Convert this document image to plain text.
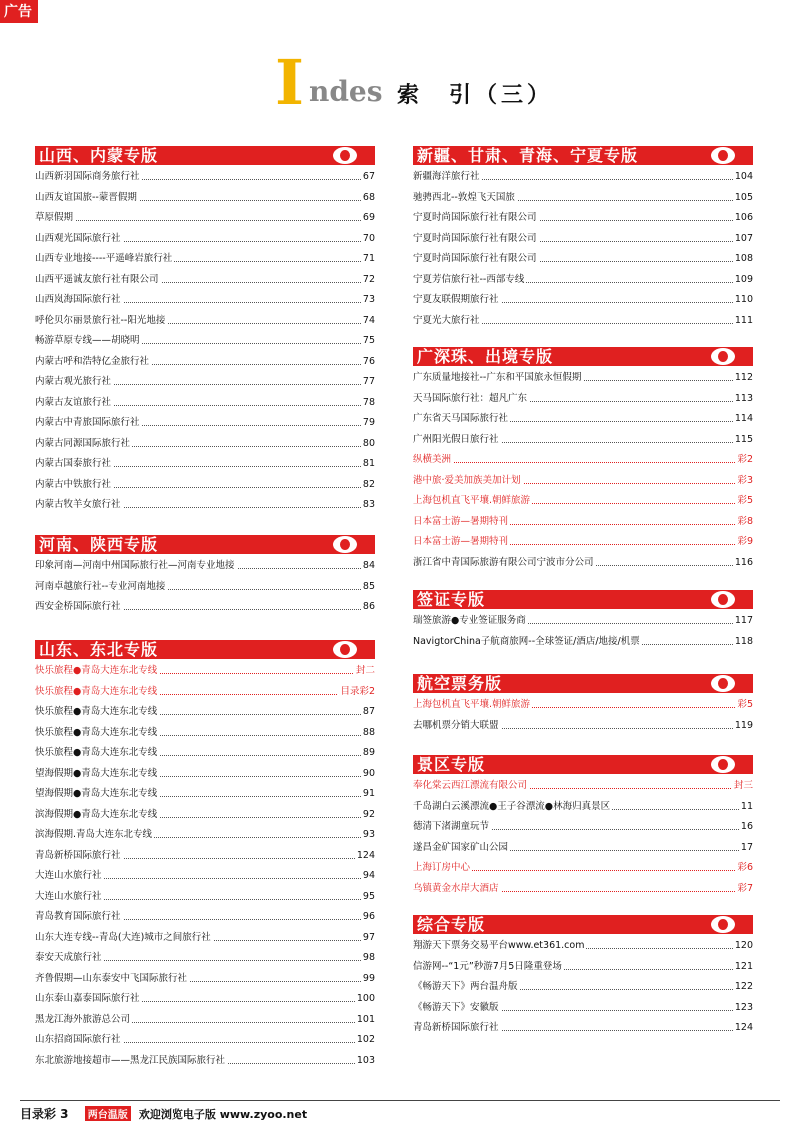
广告
I ndes 索　引（三）
山西、内蒙专版
山西新羽国际商务旅行社	67
山西友谊国旅--蒙晋假期	68
草原假期	69
山西观光国际旅行社	70
山西专业地接----平遥峰岩旅行社	71
山西平遥诚友旅行社有限公司	72
山西岚海国际旅行社	73
呼伦贝尔丽景旅行社--阳光地接	74
畅游草原专线——胡晓明	75
内蒙古呼和浩特亿金旅行社	76
内蒙古观光旅行社	77
内蒙古友谊旅行社	78
内蒙古中青旅国际旅行社	79
内蒙古同源国际旅行社	80
内蒙古国泰旅行社	81
内蒙古中铁旅行社	82
内蒙古牧羊女旅行社	83
河南、陕西专版
印象河南—河南中州国际旅行社—河南专业地接	84
河南卓越旅行社--专业河南地接	85
西安金桥国际旅行社	86
山东、东北专版
快乐旅程●青岛大连东北专线	封二
快乐旅程●青岛大连东北专线	目录彩2
快乐旅程●青岛大连东北专线	87
快乐旅程●青岛大连东北专线	88
快乐旅程●青岛大连东北专线	89
望海假期●青岛大连东北专线	90
望海假期●青岛大连东北专线	91
滨海假期●青岛大连东北专线	92
滨海假期.青岛大连东北专线	93
青岛新桥国际旅行社	124
大连山水旅行社	94
大连山水旅行社	95
青岛教育国际旅行社	96
山东大连专线--青岛(大连)城市之间旅行社	97
泰安天成旅行社	98
齐鲁假期—山东泰安中飞国际旅行社	99
山东泰山嘉泰国际旅行社	100
黑龙江海外旅游总公司	101
山东招商国际旅行社	102
东北旅游地接超市——黑龙江民族国际旅行社	103
新疆、甘肃、青海、宁夏专版
新疆海洋旅行社	104
驰骋西北--敦煌飞天国旅	105
宁夏时尚国际旅行社有限公司	106
宁夏时尚国际旅行社有限公司	107
宁夏时尚国际旅行社有限公司	108
宁夏芳信旅行社--西部专线	109
宁夏友联假期旅行社	110
宁夏光大旅行社	111
广深珠、出境专版
广东质量地接社--广东和平国旅永恒假期	112
天马国际旅行社：超凡广东	113
广东省天马国际旅行社	114
广州阳光假日旅行社	115
纵横美洲	彩2
港中旅·爱美加族美加计划	彩3
上海包机直飞平壤.朝鲜旅游	彩5
日本富士游—暑期特刊	彩8
日本富士游—暑期特刊	彩9
浙江省中青国际旅游有限公司宁波市分公司	116
签证专版
瑞签旅游●专业签证服务商	117
NavigtorChina子航商旅网--全球签证/酒店/地接/机票	118
航空票务版
上海包机直飞平壤.朝鲜旅游	彩5
去哪机票分销大联盟	119
景区专版
奉化棠云西江漂流有限公司	封三
千岛湖白云溪漂流●王子谷漂流●林海归真景区	11
德清下渚湖童玩节	16
遂昌金矿国家矿山公园	17
上海订房中心	彩6
乌镇黄金水岸大酒店	彩7
综合专版
翔游天下票务交易平台www.et361.com	120
信游网--“1元”秒游7月5日隆重登场	121
《畅游天下》两台温舟版	122
《畅游天下》安徽版	123
青岛新桥国际旅行社	124
目录彩 3 两台温版 欢迎浏览电子版 www.zyoo.net
